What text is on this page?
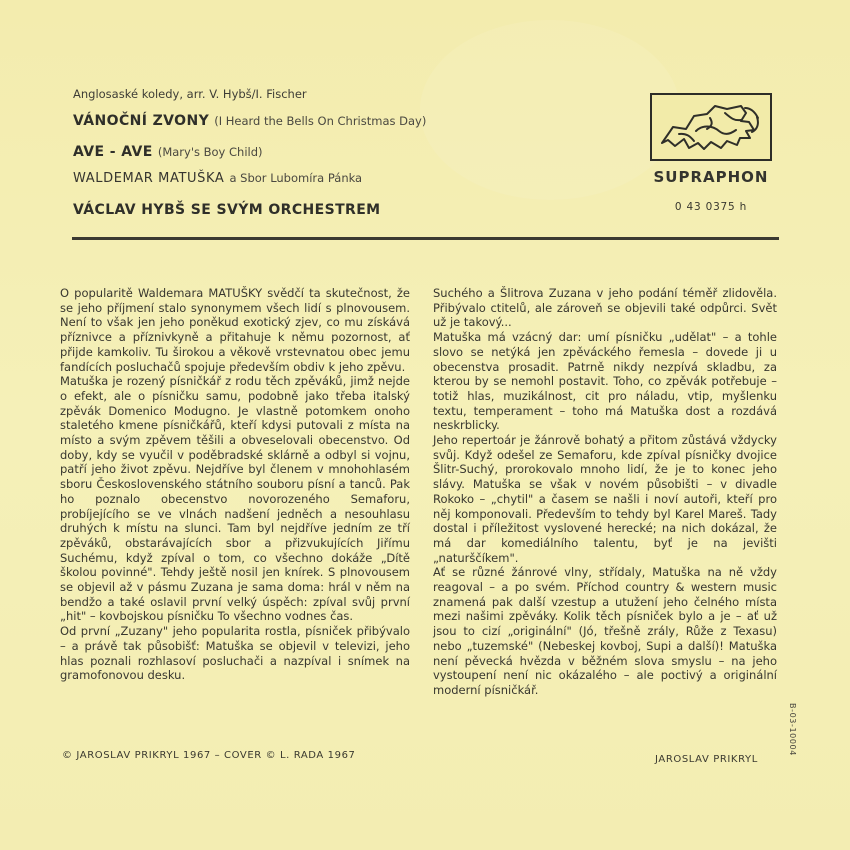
Anglosaské koledy, arr. V. Hybš/I. Fischer
VÁNOČNÍ ZVONY (I Heard the Bells On Christmas Day)
AVE - AVE (Mary's Boy Child)
WALDEMAR MATUŠKA a Sbor Lubomíra Pánka
VÁCLAV HYBŠ SE SVÝM ORCHESTREM
SUPRAPHON
0 43 0375 h

O popularitě Waldemara MATUŠKY svědčí ta skutečnost, že se jeho příjmení stalo synonymem všech lidí s plnovousem. Není to však jen jeho poněkud exotický zjev, co mu získává příznivce a příznivkyně a přitahuje k němu pozornost, ať přijde kamkoliv. Tu širokou a věkově vrstevnatou obec jemu fandících posluchačů spojuje především obdiv k jeho zpěvu.

Matuška je rozený písničkář z rodu těch zpěváků, jimž nejde o efekt, ale o písničku samu, podobně jako třeba italský zpěvák Domenico Modugno. Je vlastně potomkem onoho staletého kmene písničkářů, kteří kdysi putovali z místa na místo a svým zpěvem těšili a obveselovali obecenstvo. Od doby, kdy se vyučil v poděbradské sklárně a odbyl si vojnu, patří jeho život zpěvu. Nejdříve byl členem v mnohohlasém sboru Československého státního souboru písní a tanců. Pak ho poznalo obecenstvo novorozeného Semaforu, probíjejícího se ve vlnách nadšení jedněch a nesouhlasu druhých k místu na slunci. Tam byl nejdříve jedním ze tří zpěváků, obstarávajících sbor a přizvukujících Jiřímu Suchému, když zpíval o tom, co všechno dokáže „Dítě školou povinné". Tehdy ještě nosil jen knírek. S plnovousem se objevil až v pásmu Zuzana je sama doma: hrál v něm na bendžo a také oslavil první velký úspěch: zpíval svůj první „hit" – kovbojskou písničku To všechno vodnes čas.

Od první „Zuzany" jeho popularita rostla, písniček přibývalo – a právě tak působišť: Matuška se objevil v televizi, jeho hlas poznali rozhlasoví posluchači a nazpíval i snímek na gramofonovou desku.

Suchého a Šlitrova Zuzana v jeho podání téměř zlidověla. Přibývalo ctitelů, ale zároveň se objevili také odpůrci. Svět už je takový...

Matuška má vzácný dar: umí písničku „udělat" – a tohle slovo se netýká jen zpěváckého řemesla – dovede ji u obecenstva prosadit. Patrně nikdy nezpívá skladbu, za kterou by se nemohl postavit. Toho, co zpěvák potřebuje – totiž hlas, muzikálnost, cit pro náladu, vtip, myšlenku textu, temperament – toho má Matuška dost a rozdává neskrblicky.

Jeho repertoár je žánrově bohatý a přitom zůstává vždycky svůj. Když odešel ze Semaforu, kde zpíval písničky dvojice Šlitr-Suchý, prorokovalo mnoho lidí, že je to konec jeho slávy. Matuška se však v novém působišti – v divadle Rokoko – „chytil" a časem se našli i noví autoři, kteří pro něj komponovali. Především to tehdy byl Karel Mareš. Tady dostal i příležitost vyslovené herecké; na nich dokázal, že má dar komediálního talentu, byť je na jevišti „naturščíkem".

Ať se různé žánrové vlny, střídaly, Matuška na ně vždy reagoval – a po svém. Příchod country & western music znamená pak další vzestup a utužení jeho čelného místa mezi našimi zpěváky. Kolik těch písniček bylo a je – ať už jsou to cizí „originální" (Jó, třešně zrály, Růže z Texasu) nebo „tuzemské" (Nebeskej kovboj, Supi a další)! Matuška není pěvecká hvězda v běžném slova smyslu – na jeho vystoupení není nic okázalého – ale poctivý a originální moderní písničkář.

© JAROSLAV PRIKRYL 1967 – COVER © L. RADA 1967	JAROSLAV PRIKRYL
B-03-10004
